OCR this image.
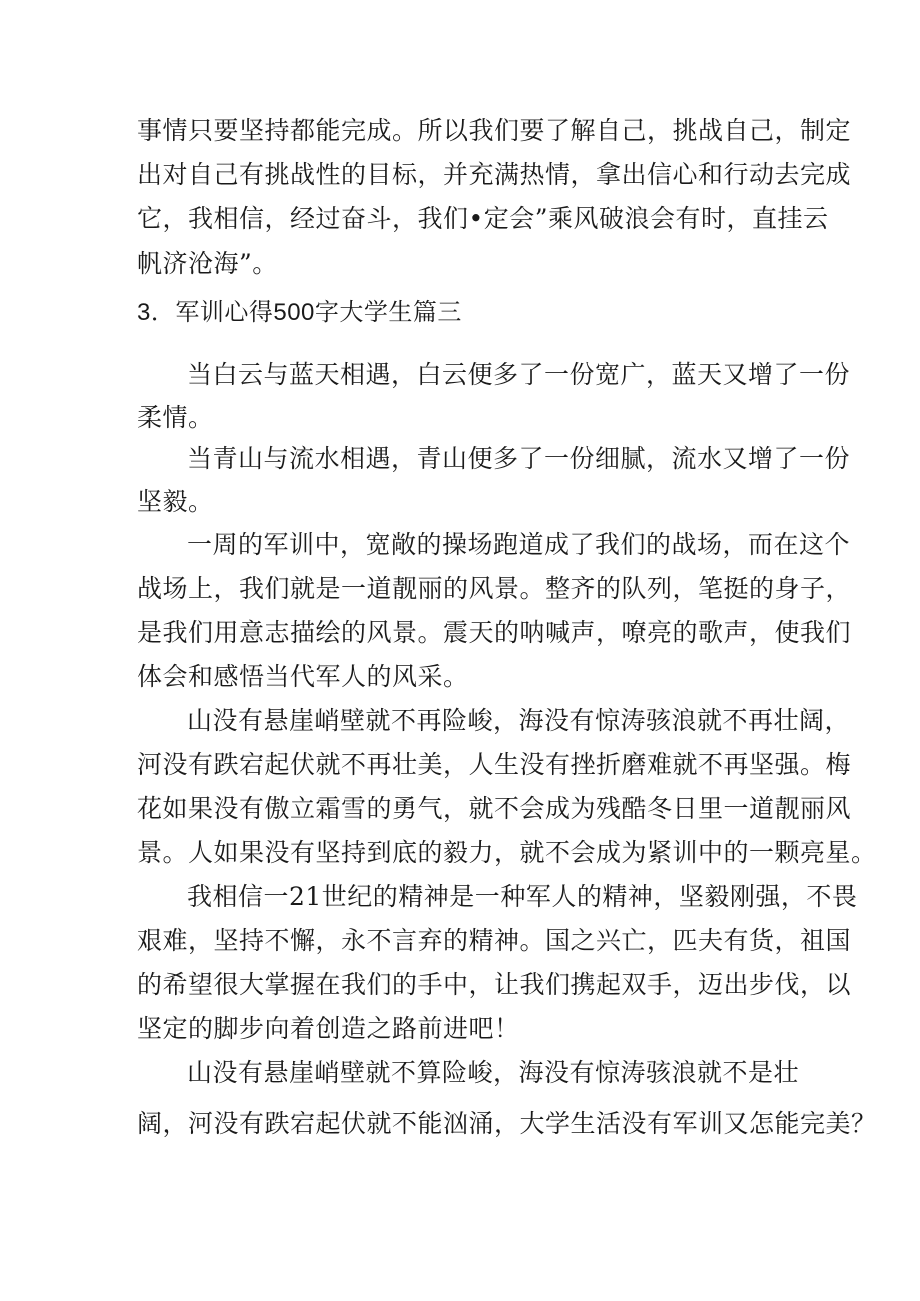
事情只要坚持都能完成。所以我们要了解自己，挑战自己，制定
出对自己有挑战性的目标，并充满热情，拿出信心和行动去完成
它，我相信，经过奋斗，我们•定会”乘风破浪会有时，直挂云
帆济沧海”。
3．军训心得500字大学生篇三
当白云与蓝天相遇，白云便多了一份宽广，蓝天又增了一份
柔情。
当青山与流水相遇，青山便多了一份细腻，流水又增了一份
坚毅。
一周的军训中，宽敞的操场跑道成了我们的战场，而在这个
战场上，我们就是一道靓丽的风景。整齐的队列，笔挺的身子，
是我们用意志描绘的风景。震天的呐喊声，嘹亮的歌声，使我们
体会和感悟当代军人的风采。
山没有悬崖峭壁就不再险峻，海没有惊涛骇浪就不再壮阔，
河没有跌宕起伏就不再壮美，人生没有挫折磨难就不再坚强。梅
花如果没有傲立霜雪的勇气，就不会成为残酷冬日里一道靓丽风
景。人如果没有坚持到底的毅力，就不会成为紧训中的一颗亮星。
我相信一21世纪的精神是一种军人的精神，坚毅刚强，不畏
艰难，坚持不懈，永不言弃的精神。国之兴亡，匹夫有货，祖国
的希望很大掌握在我们的手中，让我们携起双手，迈出步伐，以
坚定的脚步向着创造之路前进吧！
山没有悬崖峭壁就不算险峻，海没有惊涛骇浪就不是壮
阔，河没有跌宕起伏就不能汹涌，大学生活没有军训又怎能完美？
